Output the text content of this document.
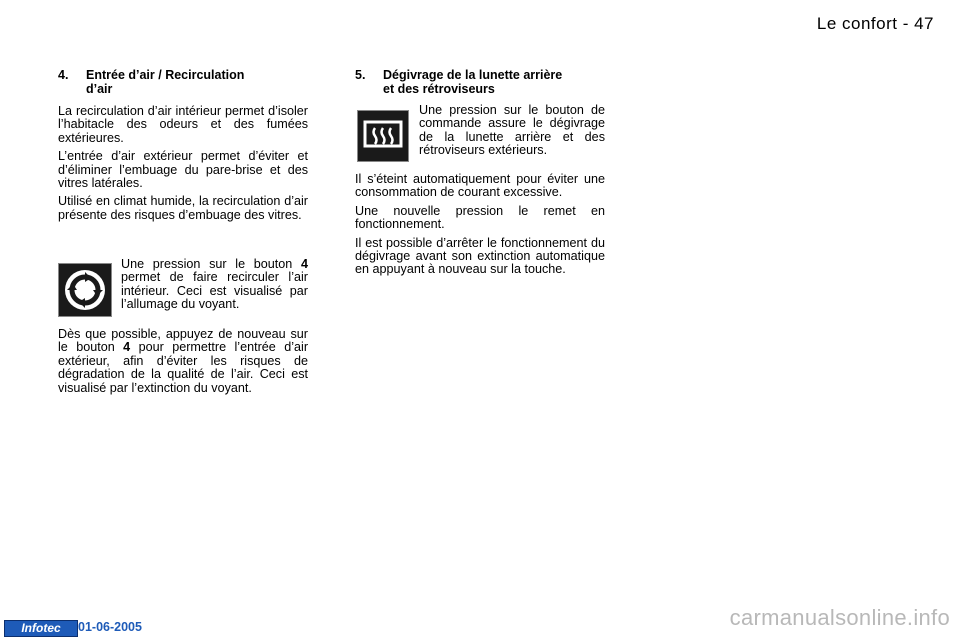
Le confort - 47
4. Entrée d’air / Recirculation
d’air

La recirculation d’air intérieur permet d’isoler l’habitacle des odeurs et des fumées extérieures.

L’entrée d’air extérieur permet d’éviter et d’éliminer l’embuage du pare-brise et des vitres latérales.

Utilisé en climat humide, la recirculation d’air présente des risques d’embuage des vitres.

Une pression sur le bouton 4 permet de faire recirculer l’air intérieur. Ceci est visualisé par l’allumage du voyant.

Dès que possible, appuyez de nouveau sur le bouton 4 pour permettre l’entrée d’air extérieur, afin d’éviter les risques de dégradation de la qualité de l’air. Ceci est visualisé par l’extinction du voyant.

5. Dégivrage de la lunette arrière
et des rétroviseurs

Une pression sur le bouton de commande assure le dégivrage de la lunette arrière et des rétroviseurs extérieurs.

Il s’éteint automatiquement pour éviter une consommation de courant excessive.

Une nouvelle pression le remet en fonctionnement.

Il est possible d’arrêter le fonctionnement du dégivrage avant son extinction automatique en appuyant à nouveau sur la touche.

Infotec	01-06-2005	carmanualsonline.info
